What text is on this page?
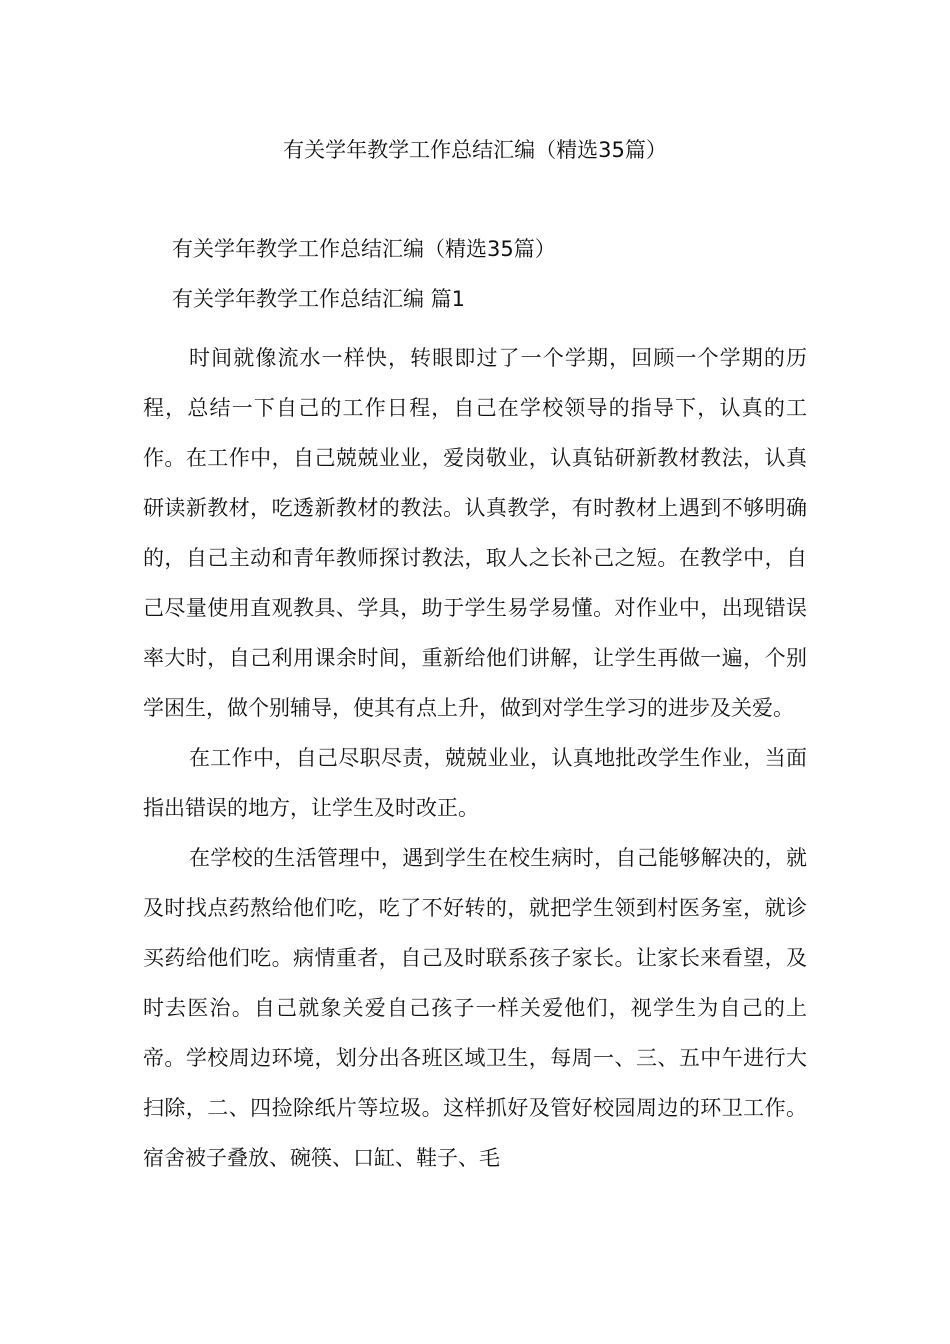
有关学年教学工作总结汇编（精选35篇）

有关学年教学工作总结汇编（精选35篇）

有关学年教学工作总结汇编 篇1

时间就像流水一样快，转眼即过了一个学期，回顾一个学期的历程，总结一下自己的工作日程，自己在学校领导的指导下，认真的工作。在工作中，自己兢兢业业，爱岗敬业，认真钻研新教材教法，认真研读新教材，吃透新教材的教法。认真教学，有时教材上遇到不够明确的，自己主动和青年教师探讨教法，取人之长补己之短。在教学中，自己尽量使用直观教具、学具，助于学生易学易懂。对作业中，出现错误率大时，自己利用课余时间，重新给他们讲解，让学生再做一遍，个别学困生，做个别辅导，使其有点上升，做到对学生学习的进步及关爱。

在工作中，自己尽职尽责，兢兢业业，认真地批改学生作业，当面指出错误的地方，让学生及时改正。

在学校的生活管理中，遇到学生在校生病时，自己能够解决的，就及时找点药熬给他们吃，吃了不好转的，就把学生领到村医务室，就诊买药给他们吃。病情重者，自己及时联系孩子家长。让家长来看望，及时去医治。自己就象关爱自己孩子一样关爱他们，视学生为自己的上帝。学校周边环境，划分出各班区域卫生，每周一、三、五中午进行大扫除，二、四捡除纸片等垃圾。这样抓好及管好校园周边的环卫工作。宿舍被子叠放、碗筷、口缸、鞋子、毛
